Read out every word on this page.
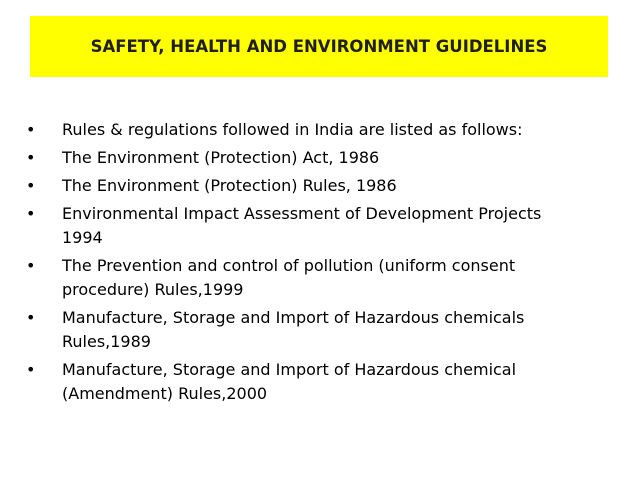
SAFETY, HEALTH AND ENVIRONMENT GUIDELINES
•	Rules & regulations followed in India are listed as follows:
•	The Environment (Protection) Act, 1986
•	The Environment (Protection) Rules, 1986
•	Environmental Impact Assessment of Development Projects
1994
•	The Prevention and control of pollution (uniform consent
procedure) Rules,1999
•	Manufacture, Storage and Import of Hazardous chemicals
Rules,1989
•	Manufacture, Storage and Import of Hazardous chemical
(Amendment) Rules,2000
